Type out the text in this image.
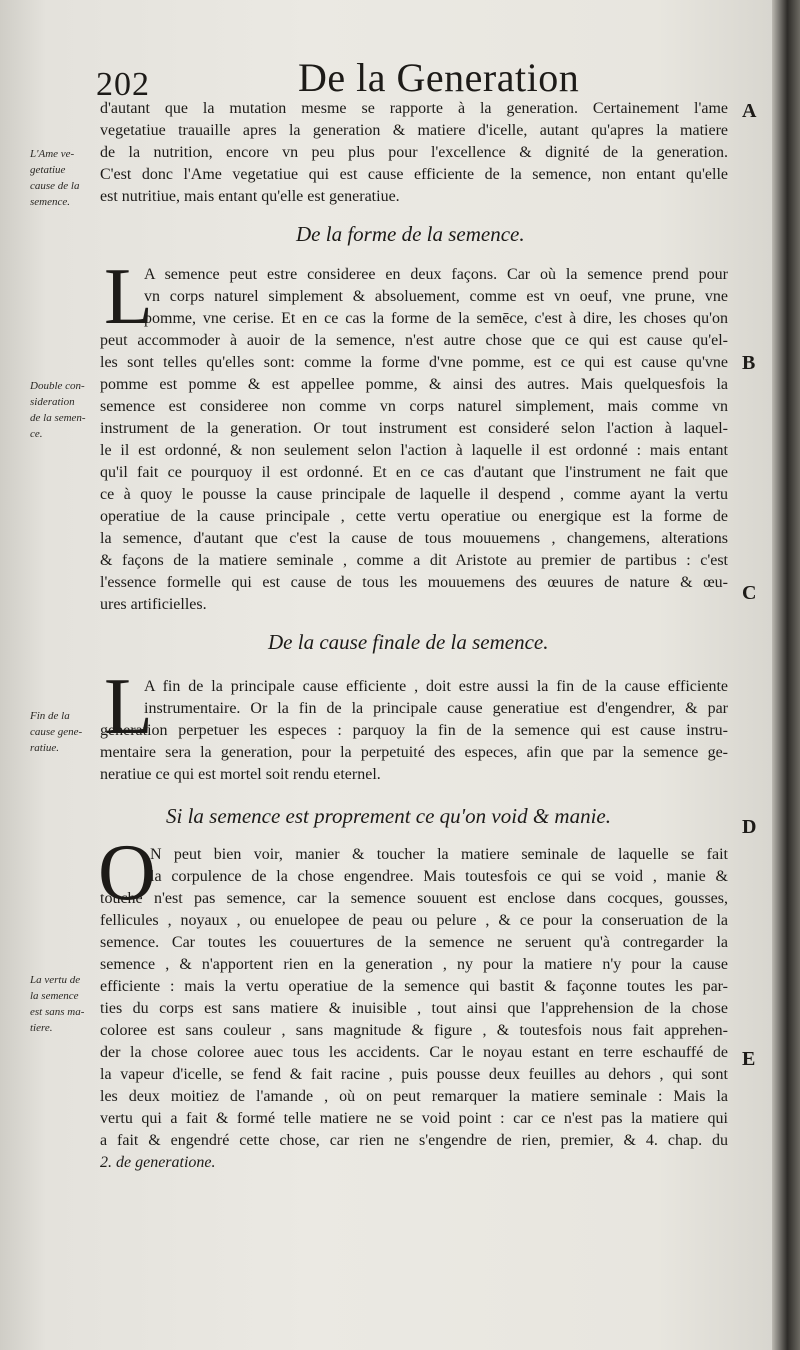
202	De la Generation
A
B
C
D
E
L'Ame ve-
getatiue
cause de la
semence.
Double con-
sideration
de la semen-
ce.
Fin de la
cause gene-
ratiue.
La vertu de
la semence
est sans ma-
tiere.
d'autant que la mutation mesme se rapporte à la generation. Certainement l'ame
vegetatiue trauaille apres la generation & matiere d'icelle, autant qu'apres la matiere
de la nutrition, encore vn peu plus pour l'excellence & dignité de la generation.
C'est donc l'Ame vegetatiue qui est cause efficiente de la semence, non entant qu'elle
est nutritiue, mais entant qu'elle est generatiue.
De la forme de la semence.
L
A semence peut estre consideree en deux façons. Car où la semence prend pour
vn corps naturel simplement & absoluement, comme est vn oeuf, vne prune, vne
pomme, vne cerise. Et en ce cas la forme de la semēce, c'est à dire, les choses qu'on
peut accommoder à auoir de la semence, n'est autre chose que ce qui est cause qu'el-
les sont telles qu'elles sont: comme la forme d'vne pomme, est ce qui est cause qu'vne
pomme est pomme & est appellee pomme, & ainsi des autres. Mais quelquesfois la
semence est consideree non comme vn corps naturel simplement, mais comme vn
instrument de la generation. Or tout instrument est consideré selon l'action à laquel-
le il est ordonné, & non seulement selon l'action à laquelle il est ordonné : mais entant
qu'il fait ce pourquoy il est ordonné. Et en ce cas d'autant que l'instrument ne fait que
ce à quoy le pousse la cause principale de laquelle il despend , comme ayant la vertu
operatiue de la cause principale , cette vertu operatiue ou energique est la forme de
la semence, d'autant que c'est la cause de tous mouuemens , changemens, alterations
& façons de la matiere seminale , comme a dit Aristote au premier de partibus : c'est
l'essence formelle qui est cause de tous les mouuemens des œuures de nature & œu-
ures artificielles.
De la cause finale de la semence.
L
A fin de la principale cause efficiente , doit estre aussi la fin de la cause efficiente
instrumentaire. Or la fin de la principale cause generatiue est d'engendrer, & par
generation perpetuer les especes : parquoy la fin de la semence qui est cause instru-
mentaire sera la generation, pour la perpetuité des especes, afin que par la semence ge-
neratiue ce qui est mortel soit rendu eternel.
Si la semence est proprement ce qu'on void & manie.
O
N peut bien voir, manier & toucher la matiere seminale de laquelle se fait
la corpulence de la chose engendree. Mais toutesfois ce qui se void , manie &
touche n'est pas semence, car la semence souuent est enclose dans cocques, gousses,
fellicules , noyaux , ou enuelopee de peau ou pelure , & ce pour la conseruation de la
semence. Car toutes les couuertures de la semence ne seruent qu'à contregarder la
semence , & n'apportent rien en la generation , ny pour la matiere n'y pour la cause
efficiente : mais la vertu operatiue de la semence qui bastit & façonne toutes les par-
ties du corps est sans matiere & inuisible , tout ainsi que l'apprehension de la chose
coloree est sans couleur , sans magnitude & figure , & toutesfois nous fait apprehen-
der la chose coloree auec tous les accidents. Car le noyau estant en terre eschauffé de
la vapeur d'icelle, se fend & fait racine , puis pousse deux feuilles au dehors , qui sont
les deux moitiez de l'amande , où on peut remarquer la matiere seminale : Mais la
vertu qui a fait & formé telle matiere ne se void point : car ce n'est pas la matiere qui
a fait & engendré cette chose, car rien ne s'engendre de rien, premier, & 4. chap. du
2. de generatione.
